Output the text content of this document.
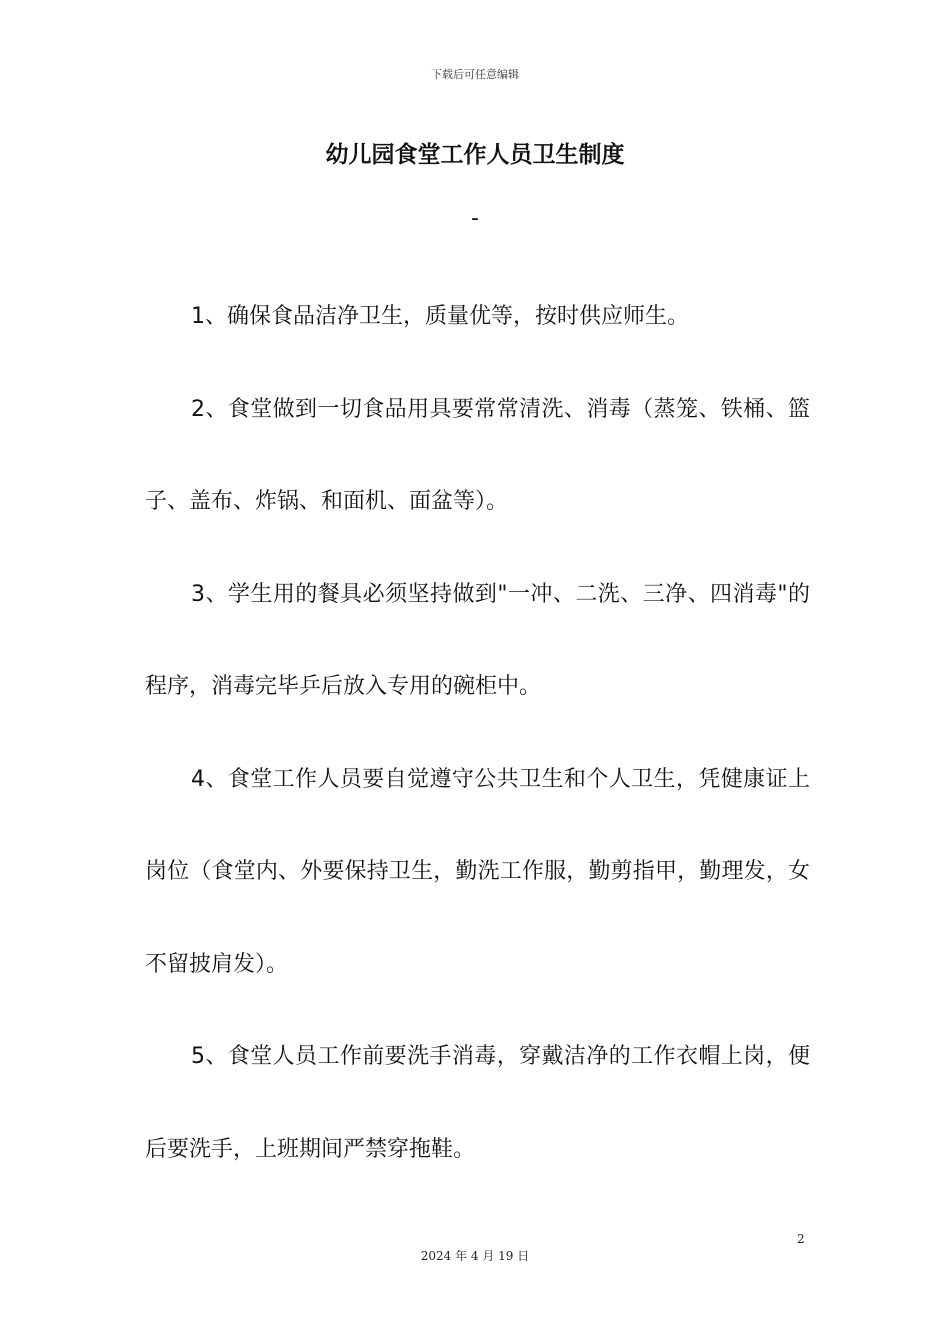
下载后可任意编辑
幼儿园食堂工作人员卫生制度
-

1、确保食品洁净卫生，质量优等，按时供应师生。

2、食堂做到一切食品用具要常常清洗、消毒（蒸笼、铁桶、篮子、盖布、炸锅、和面机、面盆等）。

3、学生用的餐具必须坚持做到"一冲、二洗、三净、四消毒"的程序，消毒完毕乒后放入专用的碗柜中。

4、食堂工作人员要自觉遵守公共卫生和个人卫生，凭健康证上岗位（食堂内、外要保持卫生，勤洗工作服，勤剪指甲，勤理发，女不留披肩发）。

5、食堂人员工作前要洗手消毒，穿戴洁净的工作衣帽上岗，便后要洗手，上班期间严禁穿拖鞋。

2
2024 年 4 月 19 日
